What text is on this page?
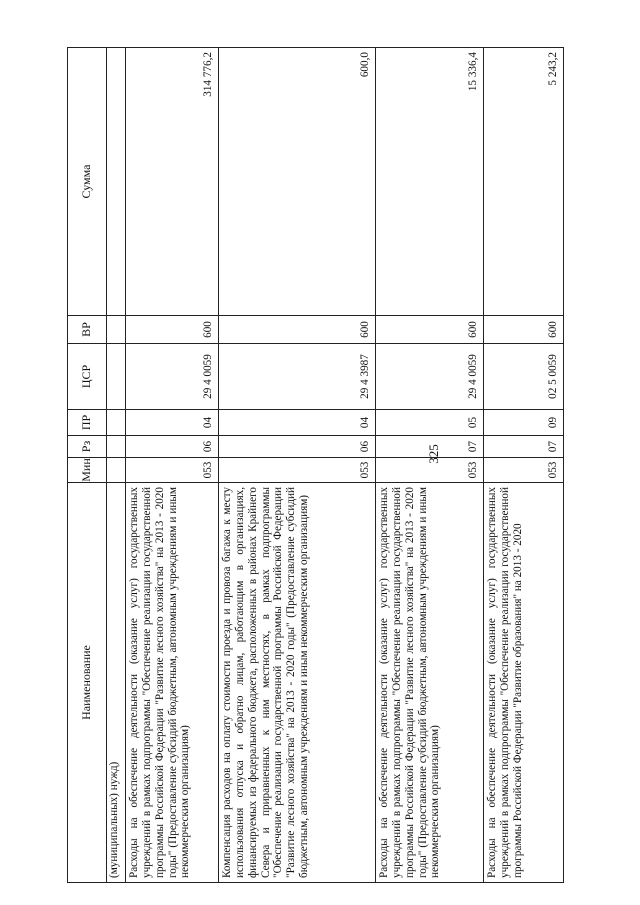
325
Наименование	Мин	Рз	ПР	ЦСР	ВР	Сумма
(муниципальных) нужд)						
Расходы на обеспечение деятельности (оказание услуг) государственных учреждений в рамках подпрограммы "Обеспечение реализации государственной программы Российской Федерации "Развитие лесного хозяйства" на 2013 - 2020 годы" (Предоставление субсидий бюджетным, автономным учреждениям и иным некоммерческим организациям)	053	06	04	29 4 0059	600	314 776,2
Компенсация расходов на оплату стоимости проезда и провоза багажа к месту использования отпуска и обратно лицам, работающим в организациях, финансируемых из федерального бюджета, расположенных в районах Крайнего Севера и приравненных к ним местностях, в рамках подпрограммы "Обеспечение реализации государственной программы Российской Федерации "Развитие лесного хозяйства" на 2013 - 2020 годы" (Предоставление субсидий бюджетным, автономным учреждениям и иным некоммерческим организациям)	053	06	04	29 4 3987	600	600,0
Расходы на обеспечение деятельности (оказание услуг) государственных учреждений в рамках подпрограммы "Обеспечение реализации государственной программы Российской Федерации "Развитие лесного хозяйства" на 2013 - 2020 годы" (Предоставление субсидий бюджетным, автономным учреждениям и иным некоммерческим организациям)	053	07	05	29 4 0059	600	15 336,4
Расходы на обеспечение деятельности (оказание услуг) государственных учреждений в рамках подпрограммы "Обеспечение реализации государственной программы Российской Федерации "Развитие образования" на 2013 - 2020	053	07	09	02 5 0059	600	5 243,2
